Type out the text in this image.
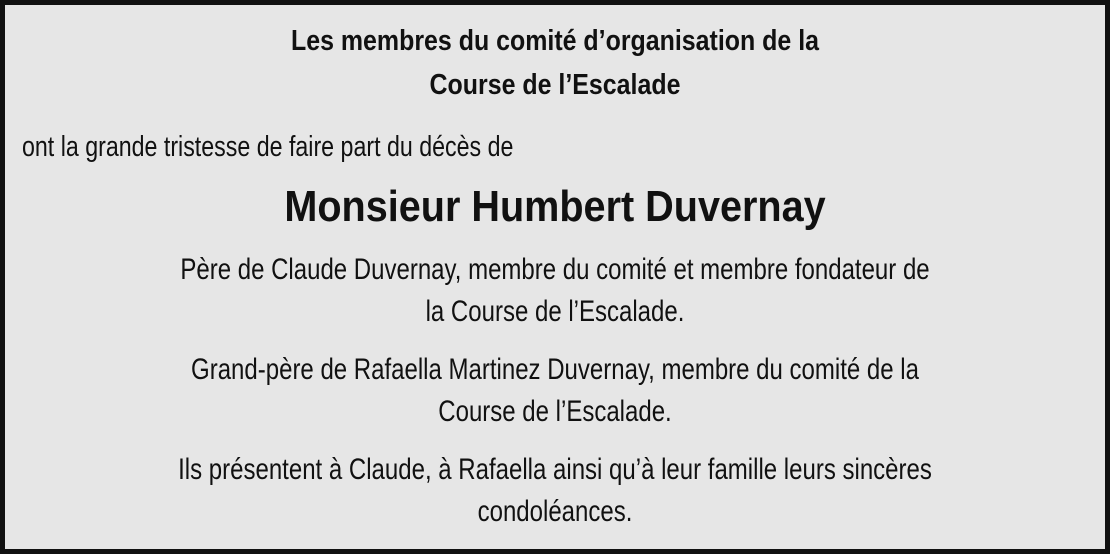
Les membres du comité d’organisation de la
Course de l’Escalade

ont la grande tristesse de faire part du décès de

Monsieur Humbert Duvernay

Père de Claude Duvernay, membre du comité et membre fondateur de
la Course de l’Escalade.

Grand-père de Rafaella Martinez Duvernay, membre du comité de la
Course de l’Escalade.

Ils présentent à Claude, à Rafaella ainsi qu’à leur famille leurs sincères
condoléances.
